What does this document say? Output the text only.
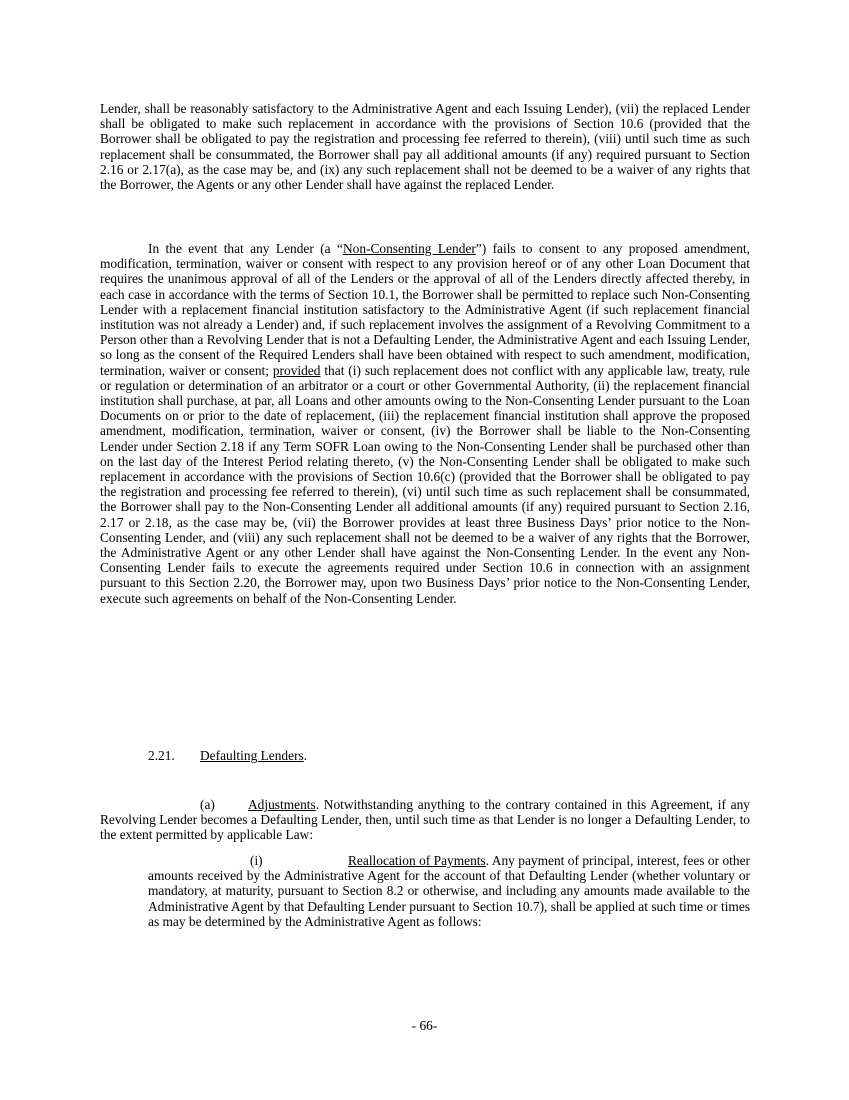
Lender, shall be reasonably satisfactory to the Administrative Agent and each Issuing Lender), (vii) the replaced Lender shall be obligated to make such replacement in accordance with the provisions of Section 10.6 (provided that the Borrower shall be obligated to pay the registration and processing fee referred to therein), (viii) until such time as such replacement shall be consummated, the Borrower shall pay all additional amounts (if any) required pursuant to Section 2.16 or 2.17(a), as the case may be, and (ix) any such replacement shall not be deemed to be a waiver of any rights that the Borrower, the Agents or any other Lender shall have against the replaced Lender.

In the event that any Lender (a “Non-Consenting Lender”) fails to consent to any proposed amendment, modification, termination, waiver or consent with respect to any provision hereof or of any other Loan Document that requires the unanimous approval of all of the Lenders or the approval of all of the Lenders directly affected thereby, in each case in accordance with the terms of Section 10.1, the Borrower shall be permitted to replace such Non-Consenting Lender with a replacement financial institution satisfactory to the Administrative Agent (if such replacement financial institution was not already a Lender) and, if such replacement involves the assignment of a Revolving Commitment to a Person other than a Revolving Lender that is not a Defaulting Lender, the Administrative Agent and each Issuing Lender, so long as the consent of the Required Lenders shall have been obtained with respect to such amendment, modification, termination, waiver or consent; provided that (i) such replacement does not conflict with any applicable law, treaty, rule or regulation or determination of an arbitrator or a court or other Governmental Authority, (ii) the replacement financial institution shall purchase, at par, all Loans and other amounts owing to the Non-Consenting Lender pursuant to the Loan Documents on or prior to the date of replacement, (iii) the replacement financial institution shall approve the proposed amendment, modification, termination, waiver or consent, (iv) the Borrower shall be liable to the Non-Consenting Lender under Section 2.18 if any Term SOFR Loan owing to the Non-Consenting Lender shall be purchased other than on the last day of the Interest Period relating thereto, (v) the Non-Consenting Lender shall be obligated to make such replacement in accordance with the provisions of Section 10.6(c) (provided that the Borrower shall be obligated to pay the registration and processing fee referred to therein), (vi) until such time as such replacement shall be consummated, the Borrower shall pay to the Non-Consenting Lender all additional amounts (if any) required pursuant to Section 2.16, 2.17 or 2.18, as the case may be, (vii) the Borrower provides at least three Business Days’ prior notice to the Non-Consenting Lender, and (viii) any such replacement shall not be deemed to be a waiver of any rights that the Borrower, the Administrative Agent or any other Lender shall have against the Non-Consenting Lender. In the event any Non-Consenting Lender fails to execute the agreements required under Section 10.6 in connection with an assignment pursuant to this Section 2.20, the Borrower may, upon two Business Days’ prior notice to the Non-Consenting Lender, execute such agreements on behalf of the Non-Consenting Lender.

2.21. Defaulting Lenders.

(a) Adjustments. Notwithstanding anything to the contrary contained in this Agreement, if any Revolving Lender becomes a Defaulting Lender, then, until such time as that Lender is no longer a Defaulting Lender, to the extent permitted by applicable Law:

(i)	Reallocation of Payments. Any payment of principal, interest, fees or other amounts received by the Administrative Agent for the account of that Defaulting Lender (whether voluntary or mandatory, at maturity, pursuant to Section 8.2 or otherwise, and including any amounts made available to the Administrative Agent by that Defaulting Lender pursuant to Section 10.7), shall be applied at such time or times as may be determined by the Administrative Agent as follows:

- 66-
